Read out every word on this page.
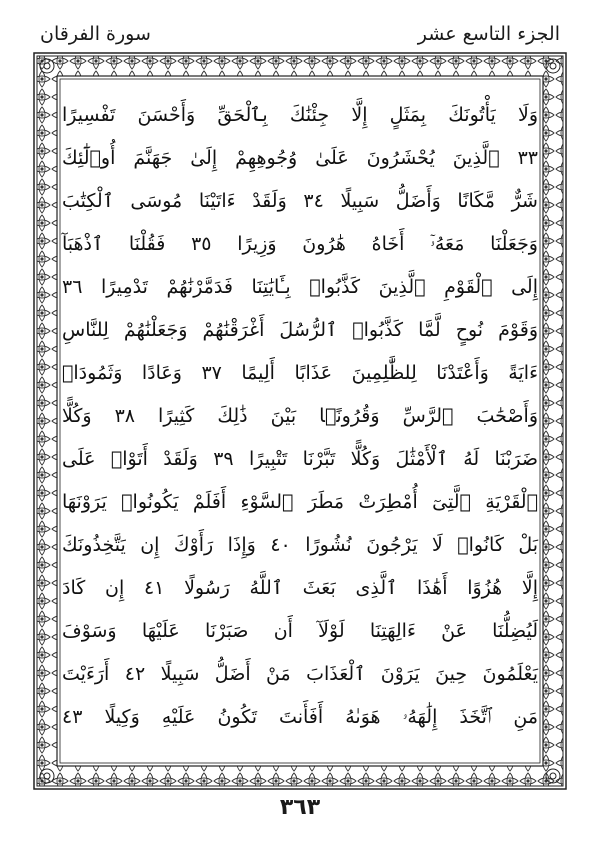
الجزء التاسع عشر
سورة الفرقان
وَلَا يَأْتُونَكَ بِمَثَلٍ إِلَّا جِئْنَٰكَ بِٱلْحَقِّ وَأَحْسَنَ تَفْسِيرًا
٣٣ ٱلَّذِينَ يُحْشَرُونَ عَلَىٰ وُجُوهِهِمْ إِلَىٰ جَهَنَّمَ أُو۟لَٰٓئِكَ
شَرٌّ مَّكَانًا وَأَضَلُّ سَبِيلًا ٣٤ وَلَقَدْ ءَاتَيْنَا مُوسَى ٱلْكِتَٰبَ
وَجَعَلْنَا مَعَهُۥٓ أَخَاهُ هَٰرُونَ وَزِيرًا ٣٥ فَقُلْنَا ٱذْهَبَآ
إِلَى ٱلْقَوْمِ ٱلَّذِينَ كَذَّبُوا۟ بِـَٔايَٰتِنَا فَدَمَّرْنَٰهُمْ تَدْمِيرًا ٣٦
وَقَوْمَ نُوحٍ لَّمَّا كَذَّبُوا۟ ٱلرُّسُلَ أَغْرَقْنَٰهُمْ وَجَعَلْنَٰهُمْ لِلنَّاسِ
ءَايَةً وَأَعْتَدْنَا لِلظَّٰلِمِينَ عَذَابًا أَلِيمًا ٣٧ وَعَادًا وَثَمُودَا۟
وَأَصْحَٰبَ ٱلرَّسِّ وَقُرُونًۢا بَيْنَ ذَٰلِكَ كَثِيرًا ٣٨ وَكُلًّا
ضَرَبْنَا لَهُ ٱلْأَمْثَٰلَ وَكُلًّا تَبَّرْنَا تَتْبِيرًا ٣٩ وَلَقَدْ أَتَوْا۟ عَلَى
ٱلْقَرْيَةِ ٱلَّتِىٓ أُمْطِرَتْ مَطَرَ ٱلسَّوْءِ أَفَلَمْ يَكُونُوا۟ يَرَوْنَهَا
بَلْ كَانُوا۟ لَا يَرْجُونَ نُشُورًا ٤٠ وَإِذَا رَأَوْكَ إِن يَتَّخِذُونَكَ
إِلَّا هُزُوًا أَهَٰذَا ٱلَّذِى بَعَثَ ٱللَّهُ رَسُولًا ٤١ إِن كَادَ
لَيُضِلُّنَا عَنْ ءَالِهَتِنَا لَوْلَآ أَن صَبَرْنَا عَلَيْهَا وَسَوْفَ
يَعْلَمُونَ حِينَ يَرَوْنَ ٱلْعَذَابَ مَنْ أَضَلُّ سَبِيلًا ٤٢ أَرَءَيْتَ
مَنِ ٱتَّخَذَ إِلَٰهَهُۥ هَوَىٰهُ أَفَأَنتَ تَكُونُ عَلَيْهِ وَكِيلًا ٤٣
٣٦٣
